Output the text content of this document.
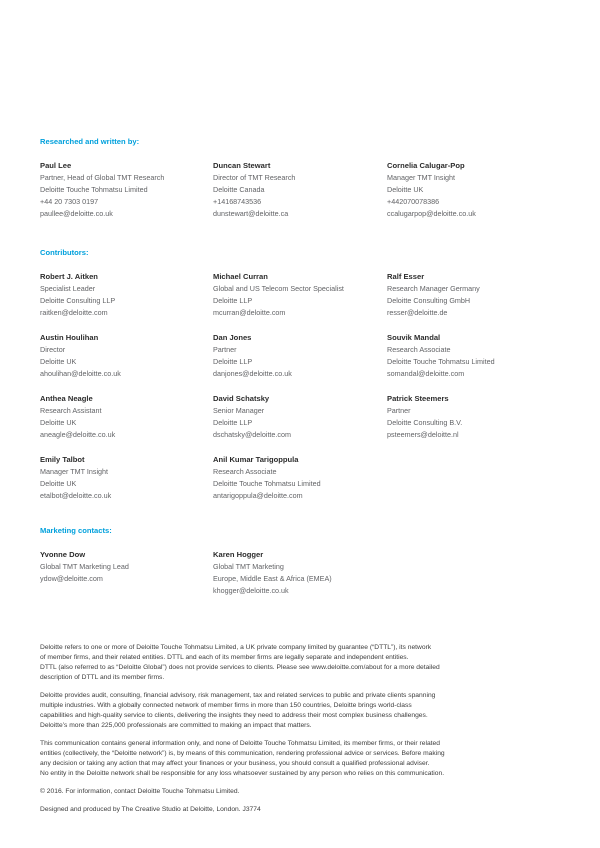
Researched and written by:
Paul Lee
Partner, Head of Global TMT Research
Deloitte Touche Tohmatsu Limited
+44 20 7303 0197
paullee@deloitte.co.uk
Duncan Stewart
Director of TMT Research
Deloitte Canada
+14168743536
dunstewart@deloitte.ca
Cornelia Calugar-Pop
Manager TMT Insight
Deloitte UK
+442070078386
ccalugarpop@deloitte.co.uk
Contributors:
Robert J. Aitken
Specialist Leader
Deloitte Consulting LLP
raitken@deloitte.com
Michael Curran
Global and US Telecom Sector Specialist
Deloitte LLP
mcurran@deloitte.com
Ralf Esser
Research Manager Germany
Deloitte Consulting GmbH
resser@deloitte.de
Austin Houlihan
Director
Deloitte UK
ahoulihan@deloitte.co.uk
Dan Jones
Partner
Deloitte LLP
danjones@deloitte.co.uk
Souvik Mandal
Research Associate
Deloitte Touche Tohmatsu Limited
somandal@deloitte.com
Anthea Neagle
Research Assistant
Deloitte UK
aneagle@deloitte.co.uk
David Schatsky
Senior Manager
Deloitte LLP
dschatsky@deloitte.com
Patrick Steemers
Partner
Deloitte Consulting B.V.
psteemers@deloitte.nl
Emily Talbot
Manager TMT Insight
Deloitte UK
etalbot@deloitte.co.uk
Anil Kumar Tarigoppula
Research Associate
Deloitte Touche Tohmatsu Limited
antarigoppula@deloitte.com
Marketing contacts:
Yvonne Dow
Global TMT Marketing Lead
ydow@deloitte.com
Karen Hogger
Global TMT Marketing
Europe, Middle East & Africa (EMEA)
khogger@deloitte.co.uk
Deloitte refers to one or more of Deloitte Touche Tohmatsu Limited, a UK private company limited by guarantee (“DTTL”), its network
of member firms, and their related entities. DTTL and each of its member firms are legally separate and independent entities.
DTTL (also referred to as “Deloitte Global”) does not provide services to clients. Please see www.deloitte.com/about for a more detailed
description of DTTL and its member firms.
Deloitte provides audit, consulting, financial advisory, risk management, tax and related services to public and private clients spanning
multiple industries. With a globally connected network of member firms in more than 150 countries, Deloitte brings world-class
capabilities and high-quality service to clients, delivering the insights they need to address their most complex business challenges.
Deloitte’s more than 225,000 professionals are committed to making an impact that matters.
This communication contains general information only, and none of Deloitte Touche Tohmatsu Limited, its member firms, or their related
entities (collectively, the “Deloitte network”) is, by means of this communication, rendering professional advice or services. Before making
any decision or taking any action that may affect your finances or your business, you should consult a qualified professional adviser.
No entity in the Deloitte network shall be responsible for any loss whatsoever sustained by any person who relies on this communication.
© 2016. For information, contact Deloitte Touche Tohmatsu Limited.
Designed and produced by The Creative Studio at Deloitte, London. J3774
